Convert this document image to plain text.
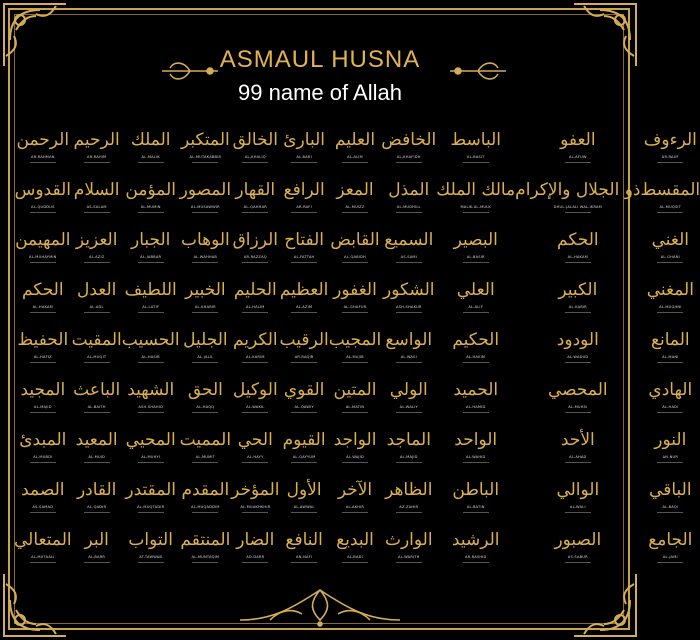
ASMAUL HUSNA
99 name of Allah
الرحمن
AR-RAHMAN
الرحيم
AR-RAHIM
الملك
AL-MALIK
المتكبر
AL-MUTAKABBIR
الخالق
AL-KHALIQ
البارئ
AL-BARI
العليم
AL-ALIM
الخافض
AL-KHAFIDH
الباسط
AL-BASIT
العفو
AL-AFUW
الرءوف
AR-RAUF
القدوس
AL-QUDDUS
السلام
AS-SALAM
المؤمن
AL-MUMIN
المصور
AL-MUSAWWIR
القهار
AL-QAHHAR
الرافع
AR-RAFI
المعز
AL-MUIZZ
المذل
AL-MUDHILL
مالك الملك
MALIK-UL-MULK
ذو الجلال والإكرام
DHUL-JALALI WAL-IKRAM
المقسط
AL-MUQSIT
المهيمن
AL-MUHAYMIN
العزيز
AL-AZIZ
الجبار
AL-JABBAR
الوهاب
AL-WAHHAB
الرزاق
AR-RAZZAQ
الفتاح
AL-FATTAH
القابض
AL-QABIDH
السميع
AS-SAMI
البصير
AL-BASIR
الحكم
AL-HAKAM
الغني
AL-GHANI
الحكم
AL-HAKAM
العدل
AL-ADL
اللطيف
AL-LATIF
الخبير
AL-KHABIR
الحليم
AL-HALIM
العظيم
AL-AZIM
الغفور
AL-GHAFUR
الشكور
ASH-SHAKUR
العلي
AL-ALIY
الكبير
AL-KABIR
المغني
AL-MUGHNI
الحفيظ
AL-HAFIZ
المقيت
AL-MUQIT
الحسيب
AL-HASIB
الجليل
AL-JALIL
الكريم
AL-KARIM
الرقيب
AR-RAQIB
المجيب
AL-MUJIB
الواسع
AL-WASI
الحكيم
AL-HAKIM
الودود
AL-WADUD
المانع
AL-MANI
المجيد
AL-MAJID
الباعث
AL-BAITH
الشهيد
ASH-SHAHID
الحق
AL-HAQQ
الوكيل
AL-WAKIL
القوي
AL-QAWIY
المتين
AL-MATIN
الولي
AL-WALIY
الحميد
AL-HAMID
المحصي
AL-MUHSI
الهادي
AL-HADI
المبدئ
AL-MUBDI
المعيد
AL-MUID
المحيي
AL-MUHYI
المميت
AL-MUMIT
الحي
AL-HAYY
القيوم
AL-QAYYUM
الواجد
AL-WAJID
الماجد
AL-MAJID
الواحد
AL-WAHID
الأحد
AL-AHAD
النور
AN-NUR
الصمد
AS-SAMAD
القادر
AL-QADIR
المقتدر
AL-MUQTADIR
المقدم
AL-MUQADDIM
المؤخر
AL-MUAKHKHIR
الأول
AL-AWWAL
الآخر
AL-AKHIR
الظاهر
AZ-ZAHIR
الباطن
AL-BATIN
الوالي
AL-WALI
الباقي
AL-BAQI
المتعالي
AL-MUTAALI
البر
AL-BARR
التواب
AT-TAWWAB
المنتقم
AL-MUNTAQIM
الضار
AD-DARR
النافع
AN-NAFI
البديع
AL-BADI
الوارث
AL-WARITH
الرشيد
AR-RASHID
الصبور
AS-SABUR
الجامع
AL-JAMI
